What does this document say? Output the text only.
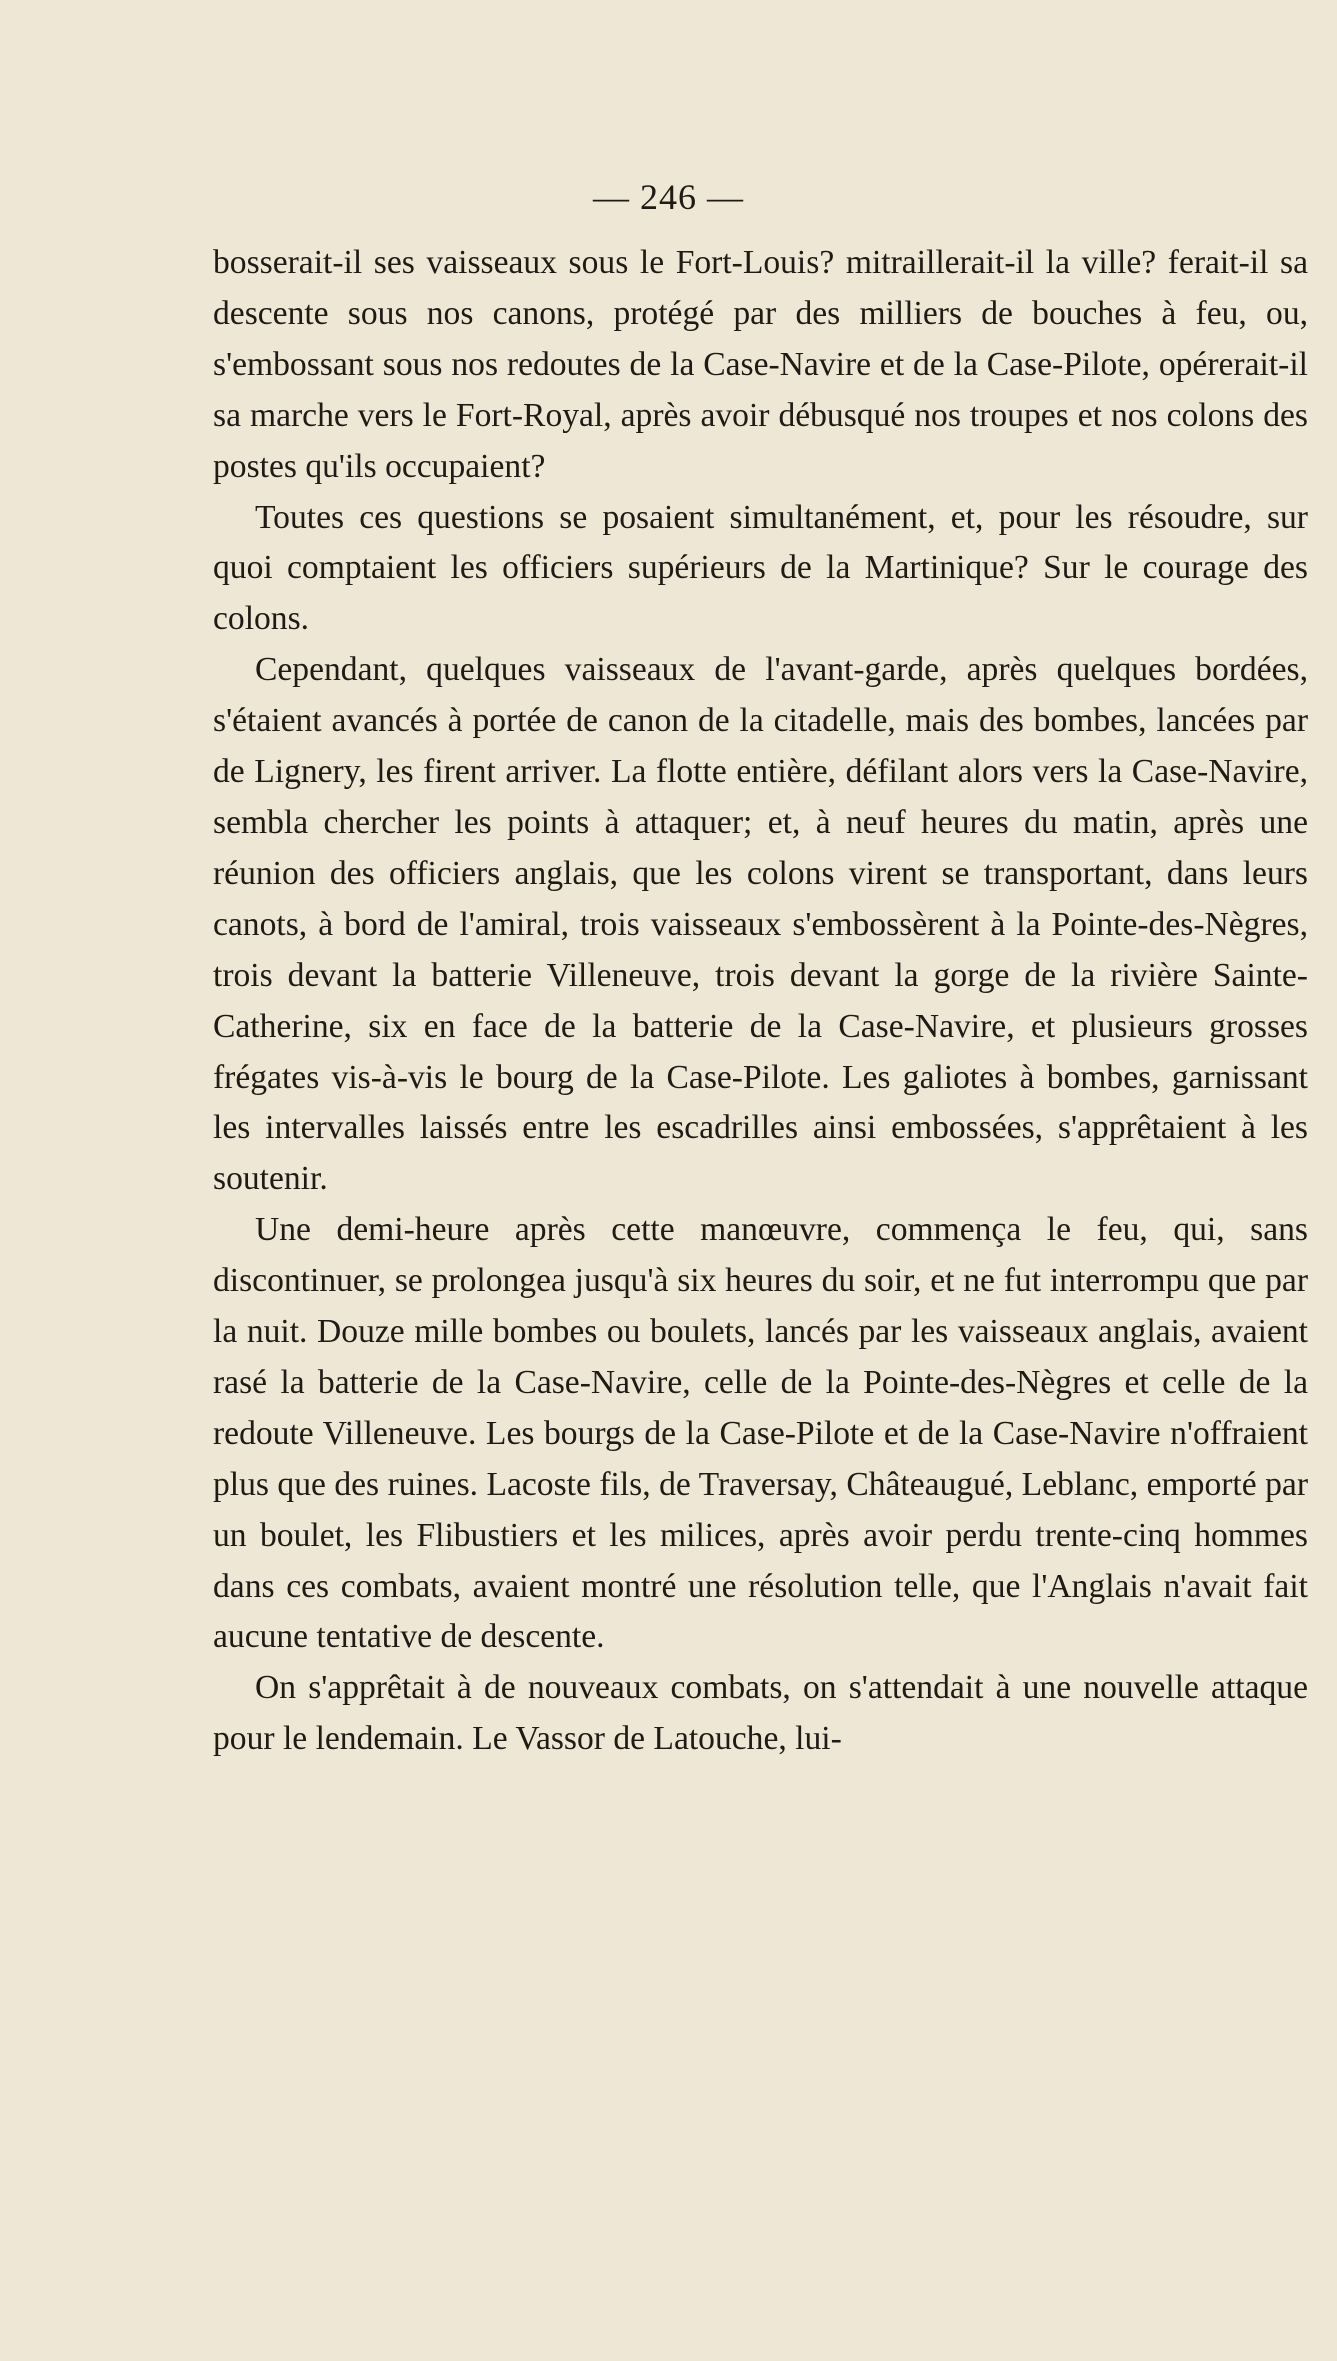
— 246 —

bosserait-il ses vaisseaux sous le Fort-Louis? mitraillerait-il la ville? ferait-il sa descente sous nos canons, protégé par des milliers de bouches à feu, ou, s'embossant sous nos redoutes de la Case-Navire et de la Case-Pilote, opérerait-il sa marche vers le Fort-Royal, après avoir débusqué nos troupes et nos colons des postes qu'ils occupaient?

Toutes ces questions se posaient simultanément, et, pour les résoudre, sur quoi comptaient les officiers supérieurs de la Martinique? Sur le courage des colons.

Cependant, quelques vaisseaux de l'avant-garde, après quelques bordées, s'étaient avancés à portée de canon de la citadelle, mais des bombes, lancées par de Lignery, les firent arriver. La flotte entière, défilant alors vers la Case-Navire, sembla chercher les points à attaquer; et, à neuf heures du matin, après une réunion des officiers anglais, que les colons virent se transportant, dans leurs canots, à bord de l'amiral, trois vaisseaux s'embossèrent à la Pointe-des-Nègres, trois devant la batterie Villeneuve, trois devant la gorge de la rivière Sainte-Catherine, six en face de la batterie de la Case-Navire, et plusieurs grosses frégates vis-à-vis le bourg de la Case-Pilote. Les galiotes à bombes, garnissant les intervalles laissés entre les escadrilles ainsi embossées, s'apprêtaient à les soutenir.

Une demi-heure après cette manœuvre, commença le feu, qui, sans discontinuer, se prolongea jusqu'à six heures du soir, et ne fut interrompu que par la nuit. Douze mille bombes ou boulets, lancés par les vaisseaux anglais, avaient rasé la batterie de la Case-Navire, celle de la Pointe-des-Nègres et celle de la redoute Villeneuve. Les bourgs de la Case-Pilote et de la Case-Navire n'offraient plus que des ruines. Lacoste fils, de Traversay, Châteaugué, Leblanc, emporté par un boulet, les Flibustiers et les milices, après avoir perdu trente-cinq hommes dans ces combats, avaient montré une résolution telle, que l'Anglais n'avait fait aucune tentative de descente.

On s'apprêtait à de nouveaux combats, on s'attendait à une nouvelle attaque pour le lendemain. Le Vassor de Latouche, lui-
